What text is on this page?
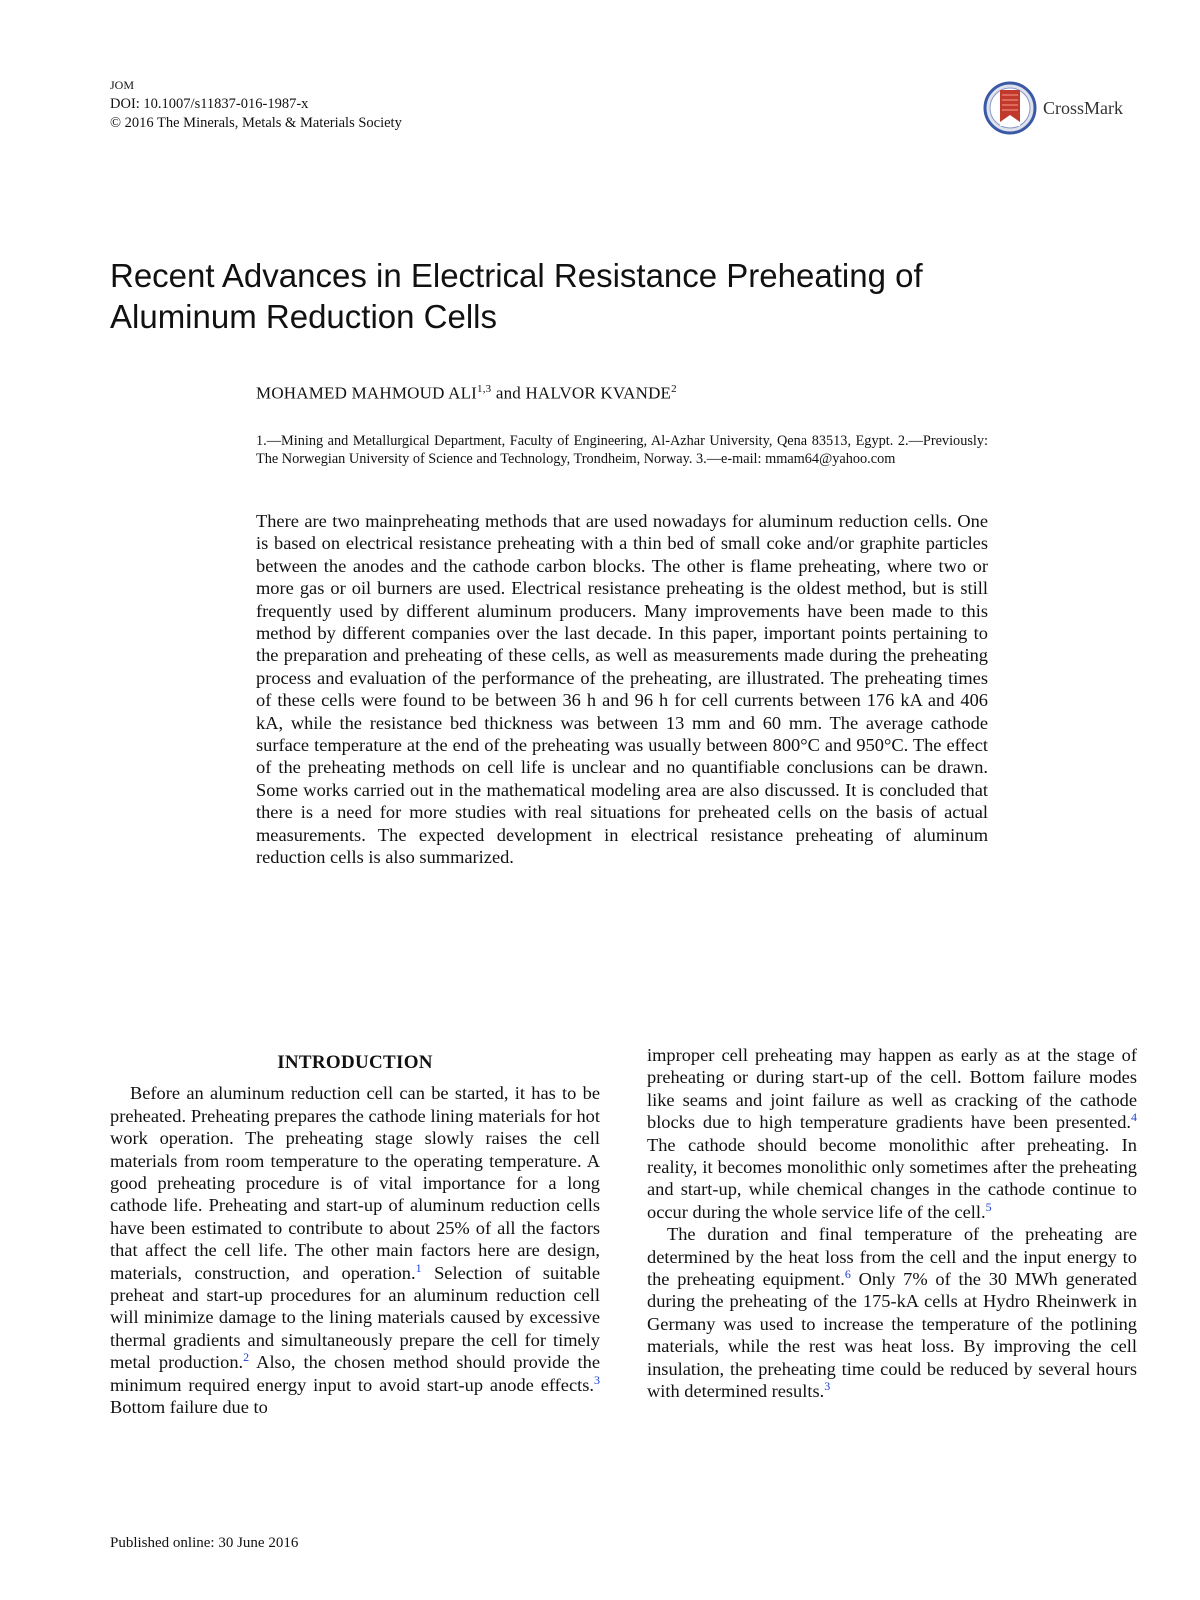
JOM
DOI: 10.1007/s11837-016-1987-x
© 2016 The Minerals, Metals & Materials Society
CrossMark
Recent Advances in Electrical Resistance Preheating of Aluminum Reduction Cells
MOHAMED MAHMOUD ALI$^{1,3}$ and HALVOR KVANDE$^2$
1.—Mining and Metallurgical Department, Faculty of Engineering, Al-Azhar University, Qena 83513, Egypt. 2.—Previously: The Norwegian University of Science and Technology, Trondheim, Norway. 3.—e-mail: mmam64@yahoo.com
There are two mainpreheating methods that are used nowadays for aluminum reduction cells. One is based on electrical resistance preheating with a thin bed of small coke and/or graphite particles between the anodes and the cathode carbon blocks. The other is flame preheating, where two or more gas or oil burners are used. Electrical resistance preheating is the oldest method, but is still frequently used by different aluminum producers. Many improvements have been made to this method by different companies over the last decade. In this paper, important points pertaining to the preparation and preheating of these cells, as well as measurements made during the preheating process and evaluation of the performance of the preheating, are illustrated. The preheating times of these cells were found to be between 36 h and 96 h for cell currents between 176 kA and 406 kA, while the resistance bed thickness was between 13 mm and 60 mm. The average cathode surface temperature at the end of the preheating was usually between 800°C and 950°C. The effect of the preheating methods on cell life is unclear and no quantifiable conclusions can be drawn. Some works carried out in the mathematical modeling area are also discussed. It is concluded that there is a need for more studies with real situations for preheated cells on the basis of actual measurements. The expected development in electrical resistance preheating of aluminum reduction cells is also summarized.
INTRODUCTION

Before an aluminum reduction cell can be started, it has to be preheated. Preheating prepares the cathode lining materials for hot work operation. The preheating stage slowly raises the cell materials from room temperature to the operating temperature. A good preheating procedure is of vital importance for a long cathode life. Preheating and start-up of aluminum reduction cells have been estimated to contribute to about 25% of all the factors that affect the cell life. The other main factors here are design, materials, construction, and operation.$^1$ Selection of suitable preheat and start-up procedures for an aluminum reduction cell will minimize damage to the lining materials caused by excessive thermal gradients and simultaneously prepare the cell for timely metal production.$^2$ Also, the chosen method should provide the minimum required energy input to avoid start-up anode effects.$^3$ Bottom failure due to

improper cell preheating may happen as early as at the stage of preheating or during start-up of the cell. Bottom failure modes like seams and joint failure as well as cracking of the cathode blocks due to high temperature gradients have been presented.$^4$ The cathode should become monolithic after preheating. In reality, it becomes monolithic only sometimes after the preheating and start-up, while chemical changes in the cathode continue to occur during the whole service life of the cell.$^5$

The duration and final temperature of the preheating are determined by the heat loss from the cell and the input energy to the preheating equipment.$^6$ Only 7% of the 30 MWh generated during the preheating of the 175-kA cells at Hydro Rheinwerk in Germany was used to increase the temperature of the potlining materials, while the rest was heat loss. By improving the cell insulation, the preheating time could be reduced by several hours with determined results.$^3$

Published online: 30 June 2016
